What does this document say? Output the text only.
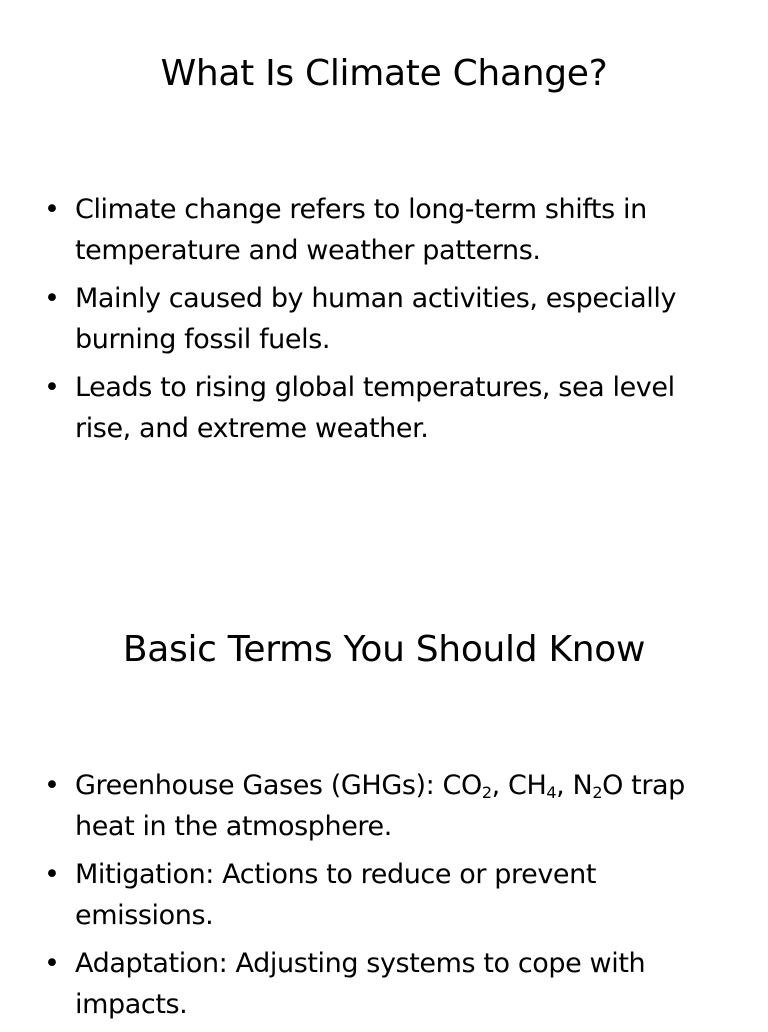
What Is Climate Change?
• Climate change refers to long-term shifts in temperature and weather patterns.
• Mainly caused by human activities, especially burning fossil fuels.
• Leads to rising global temperatures, sea level rise, and extreme weather.
Basic Terms You Should Know
• Greenhouse Gases (GHGs): $CO_2$, $CH_4$, $N_2O$ trap heat in the atmosphere.
• Mitigation: Actions to reduce or prevent emissions.
• Adaptation: Adjusting systems to cope with impacts.
